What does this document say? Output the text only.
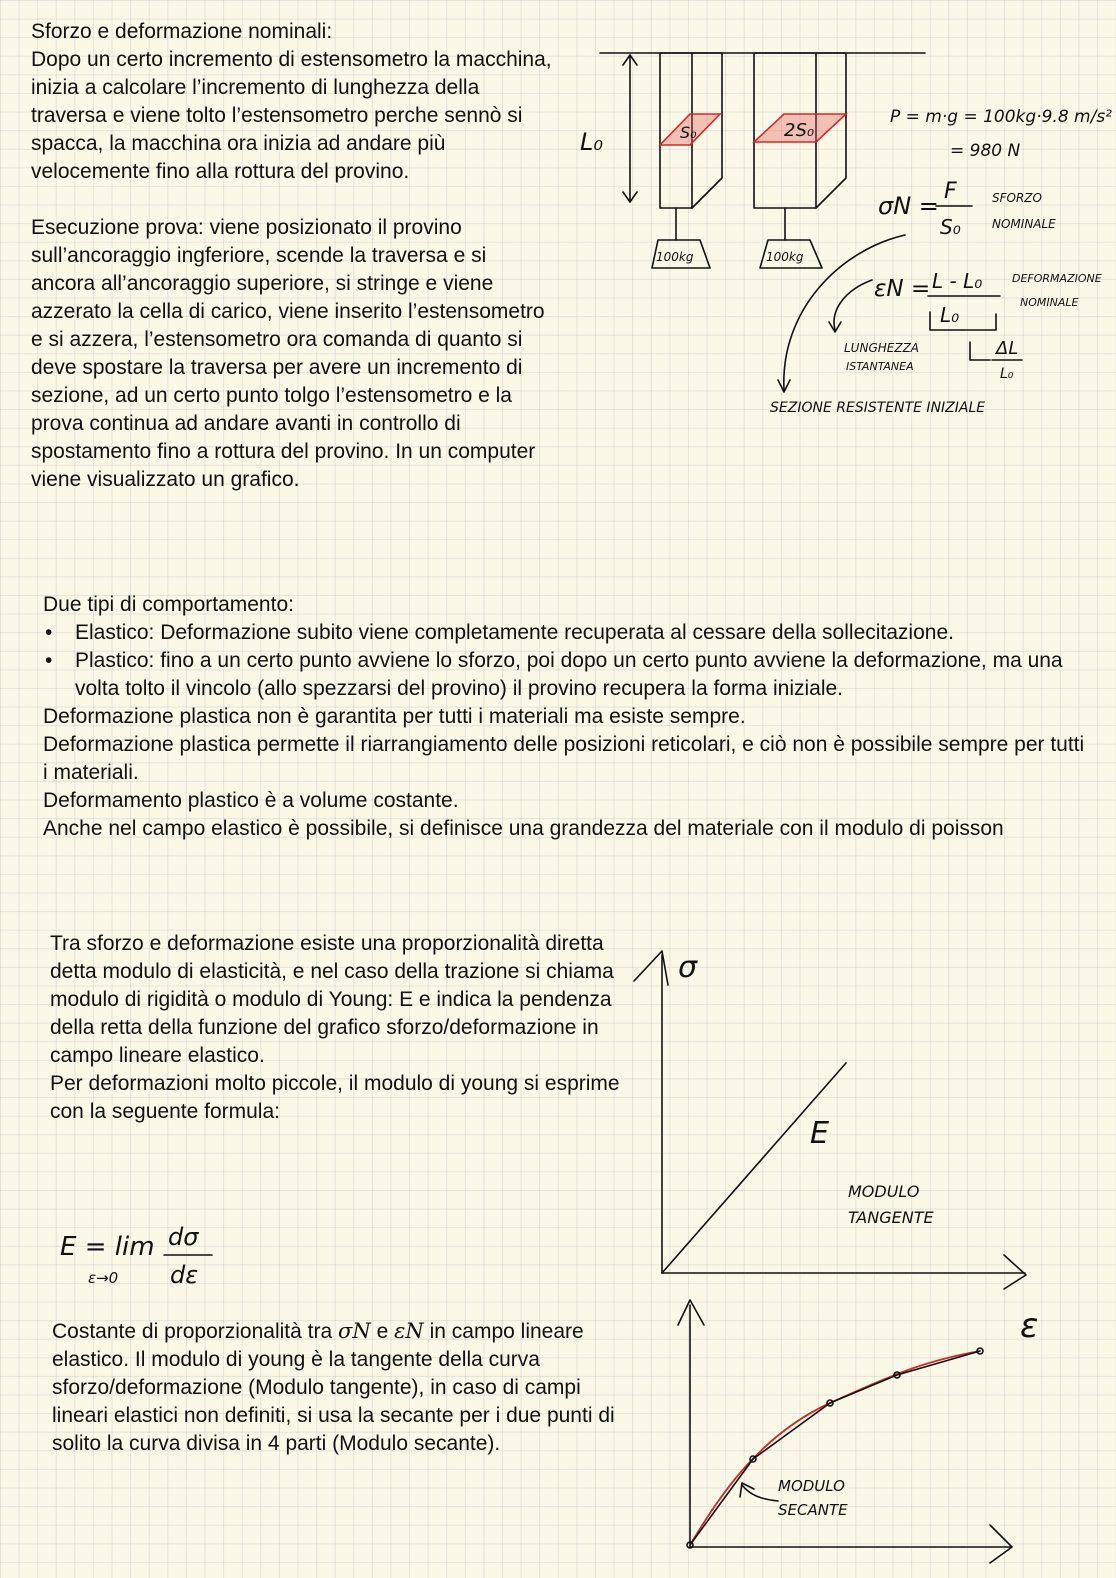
Sforzo e deformazione nominali:

Dopo un certo incremento di estensometro la macchina, inizia a calcolare l’incremento di lunghezza della traversa e viene tolto l’estensometro perche sennò si spacca, la macchina ora inizia ad andare più velocemente fino alla rottura del provino.

Esecuzione prova: viene posizionato il provino sull’ancoraggio ingferiore, scende la traversa e si ancora all’ancoraggio superiore, si stringe e viene azzerato la cella di carico, viene inserito l’estensometro e si azzera, l’estensometro ora comanda di quanto si deve spostare la traversa per avere un incremento di sezione, ad un certo punto tolgo l’estensometro e la prova continua ad andare avanti in controllo di spostamento fino a rottura del provino. In un computer viene visualizzato un grafico.

L₀	S₀
100kg
2S₀
100kg
P = m·g = 100kg·9.8 m/s²
= 980 N
σN =
F
S₀
SFORZO
NOMINALE
εN = L - L₀
L₀
DEFORMAZIONE
NOMINALE
ΔL
L₀
LUNGHEZZA
ISTANTANEA
SEZIONE RESISTENTE INIZIALE

Due tipi di comportamento:

• Elastico: Deformazione subito viene completamente recuperata al cessare della sollecitazione.
• Plastico: fino a un certo punto avviene lo sforzo, poi dopo un certo punto avviene la deformazione, ma una volta tolto il vincolo (allo spezzarsi del provino) il provino recupera la forma iniziale.

Deformazione plastica non è garantita per tutti i materiali ma esiste sempre.

Deformazione plastica permette il riarrangiamento delle posizioni reticolari, e ciò non è possibile sempre per tutti i materiali.

Deformamento plastico è a volume costante.

Anche nel campo elastico è possibile, si definisce una grandezza del materiale con il modulo di poisson

Tra sforzo e deformazione esiste una proporzionalità diretta detta modulo di elasticità, e nel caso della trazione si chiama modulo di rigidità o modulo di Young: E e indica la pendenza della retta della funzione del grafico sforzo/deformazione in campo lineare elastico.

Per deformazioni molto piccole, il modulo di young si esprime con la seguente formula:

E = lim
ε→0
dσ
dε

Costante di proporzionalità tra σN e εN in campo lineare elastico. Il modulo di young è la tangente della curva sforzo/deformazione (Modulo tangente), in caso di campi lineari elastici non definiti, si usa la secante per i due punti di solito la curva divisa in 4 parti (Modulo secante).

σ
ε
E
MODULO
TANGENTE
MODULO
SECANTE
